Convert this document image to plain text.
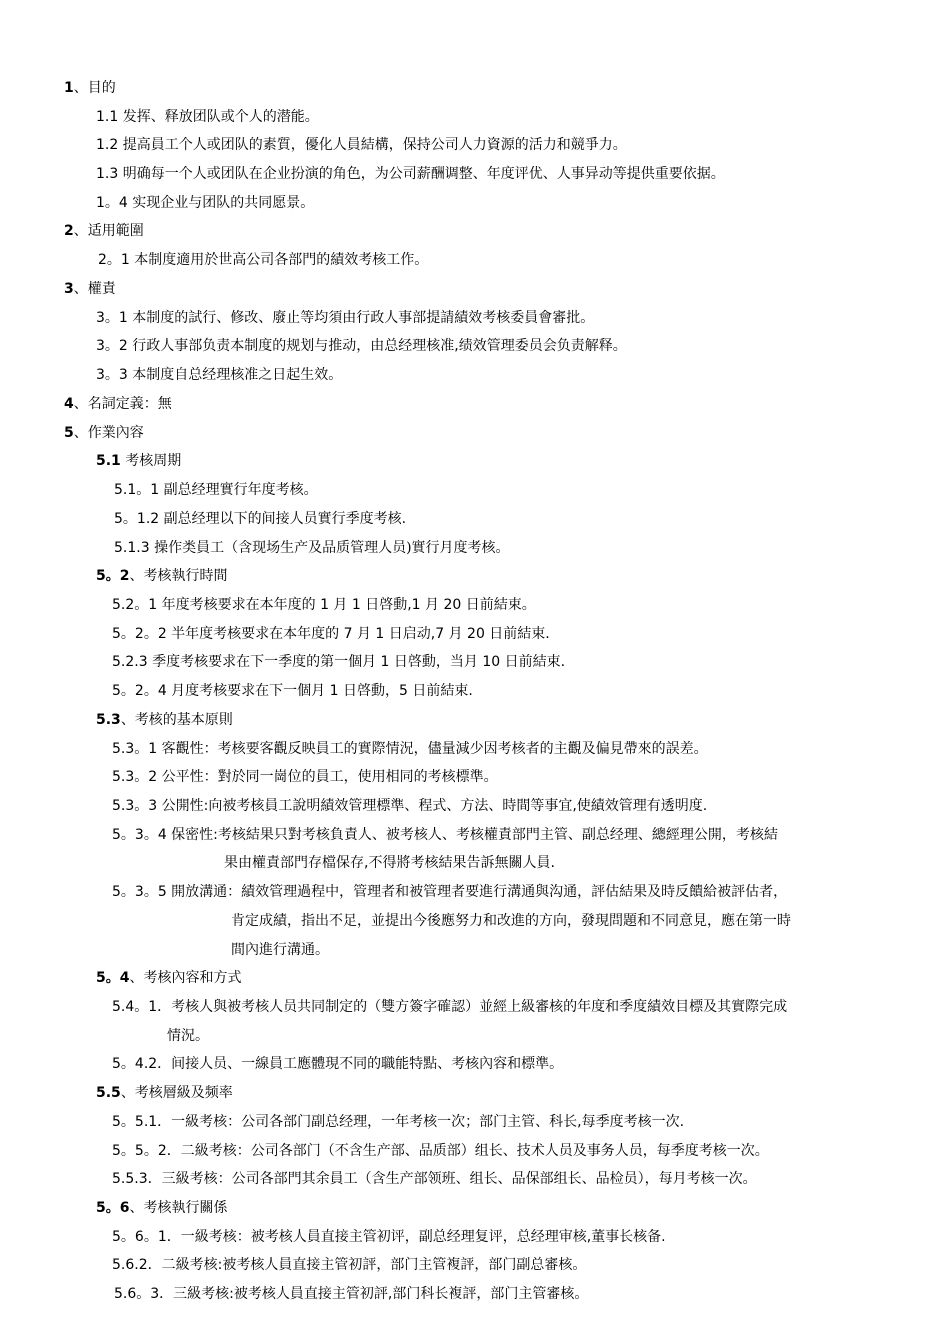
1、目的
1.1 发挥、释放团队或个人的潜能。
1.2 提高員工个人或团队的素質，優化人員結構，保持公司人力資源的活力和競爭力。
1.3 明确每一个人或团队在企业扮演的角色，为公司薪酬调整、年度评优、人事异动等提供重要依据。
1。4 实现企业与团队的共同愿景。
2、适用範圍
2。1 本制度適用於世高公司各部門的績效考核工作。
3、權責
3。1 本制度的試行、修改、廢止等均須由行政人事部提請績效考核委員會審批。
3。2 行政人事部负责本制度的规划与推动，由总经理核准,绩效管理委员会负责解释。
3。3 本制度自总经理核准之日起生效。
4、名詞定義：無
5、作業內容
5.1 考核周期
5.1。1 副总经理實行年度考核。
5。1.2 副总经理以下的间接人员實行季度考核.
5.1.3 操作类員工（含现场生产及品质管理人员)實行月度考核。
5。2、考核執行時間
5.2。1 年度考核要求在本年度的 1 月 1 日啓動,1 月 20 日前結束。
5。2。2 半年度考核要求在本年度的 7 月 1 日启动,7 月 20 日前結束.
5.2.3 季度考核要求在下一季度的第一個月 1 日啓動，当月 10 日前結束.
5。2。4 月度考核要求在下一個月 1 日啓動，5 日前結束.
5.3、考核的基本原則
5.3。1 客觀性：考核要客觀反映員工的實際情況，儘量減少因考核者的主觀及偏見帶來的誤差。
5.3。2 公平性：對於同一崗位的員工，使用相同的考核標準。
5.3。3 公開性:向被考核員工說明績效管理標準、程式、方法、時間等事宜,使績效管理有透明度.
5。3。4 保密性:考核結果只對考核負責人、被考核人、考核權責部門主管、副总经理、總經理公開，考核結
果由權責部門存檔保存,不得將考核結果告訴無關人員.
5。3。5 開放溝通：績效管理過程中，管理者和被管理者要進行溝通與沟通，評估結果及時反饋給被評估者，
肯定成績，指出不足，並提出今後應努力和改進的方向，發現問題和不同意見，應在第一時
間內進行溝通。
5。4、考核內容和方式
5.4。1．考核人與被考核人员共同制定的（雙方簽字確認）並經上級審核的年度和季度績效目標及其實際完成
情況。
5。4.2．间接人员、一線員工應體現不同的職能特點、考核內容和標準。
5.5、考核層級及频率
5。5.1．一級考核：公司各部门副总经理，一年考核一次；部门主管、科长,每季度考核一次.
5。5。2．二級考核：公司各部门（不含生产部、品质部）组长、技术人员及事务人员，每季度考核一次。
5.5.3．三級考核：公司各部門其余員工（含生产部领班、组长、品保部组长、品检员），每月考核一次。
5。6、考核執行關係
5。6。1．一級考核：被考核人員直接主管初评，副总经理复评，总经理审核,董事长核备.
5.6.2．二級考核:被考核人員直接主管初評，部门主管複評，部门副总審核。
5.6。3．三級考核:被考核人員直接主管初評,部门科长複評，部门主管審核。
